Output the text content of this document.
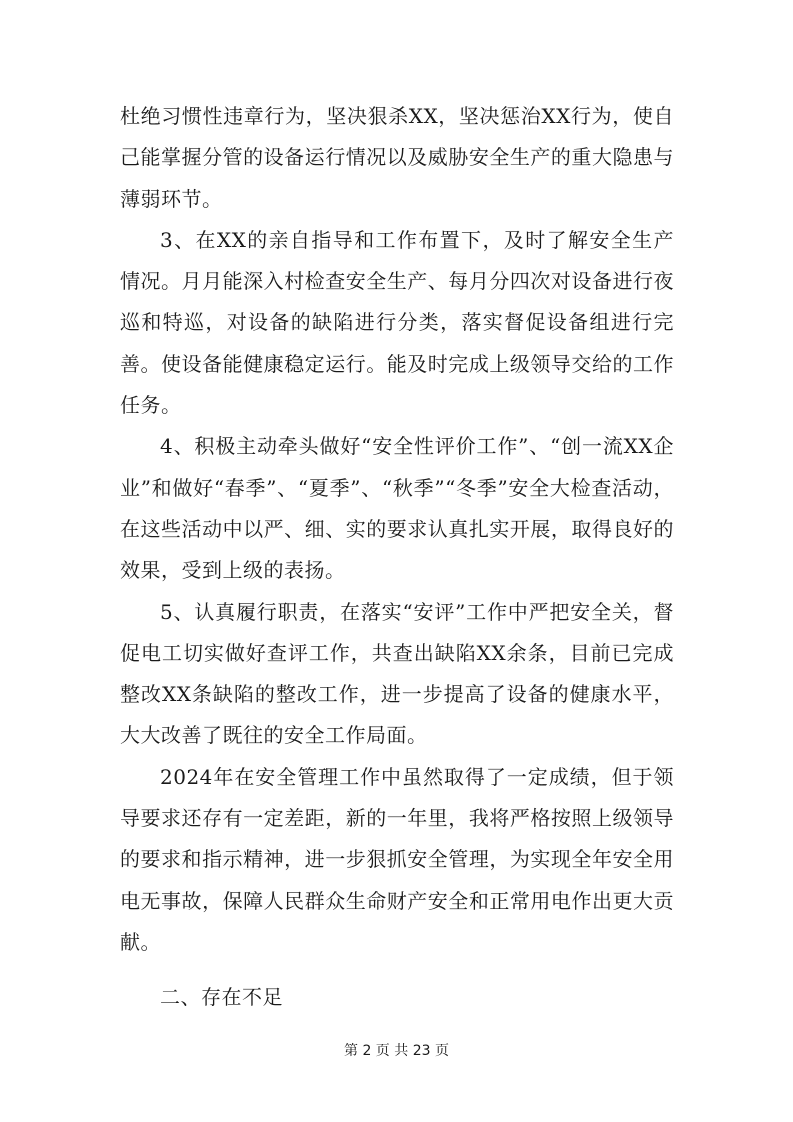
杜绝习惯性违章行为，坚决狠杀XX，坚决惩治XX行为，使自己能掌握分管的设备运行情况以及威胁安全生产的重大隐患与薄弱环节。

3、在XX的亲自指导和工作布置下，及时了解安全生产情况。月月能深入村检查安全生产、每月分四次对设备进行夜巡和特巡，对设备的缺陷进行分类，落实督促设备组进行完善。使设备能健康稳定运行。能及时完成上级领导交给的工作任务。

4、积极主动牵头做好“安全性评价工作”、“创一流XX企业”和做好“春季”、“夏季”、“秋季”“冬季”安全大检查活动，在这些活动中以严、细、实的要求认真扎实开展，取得良好的效果，受到上级的表扬。

5、认真履行职责，在落实“安评”工作中严把安全关，督促电工切实做好查评工作，共查出缺陷XX余条，目前已完成整改XX条缺陷的整改工作，进一步提高了设备的健康水平，大大改善了既往的安全工作局面。

2024年在安全管理工作中虽然取得了一定成绩，但于领导要求还存有一定差距，新的一年里，我将严格按照上级领导的要求和指示精神，进一步狠抓安全管理，为实现全年安全用电无事故，保障人民群众生命财产安全和正常用电作出更大贡献。

二、存在不足

第 2 页 共 23 页
